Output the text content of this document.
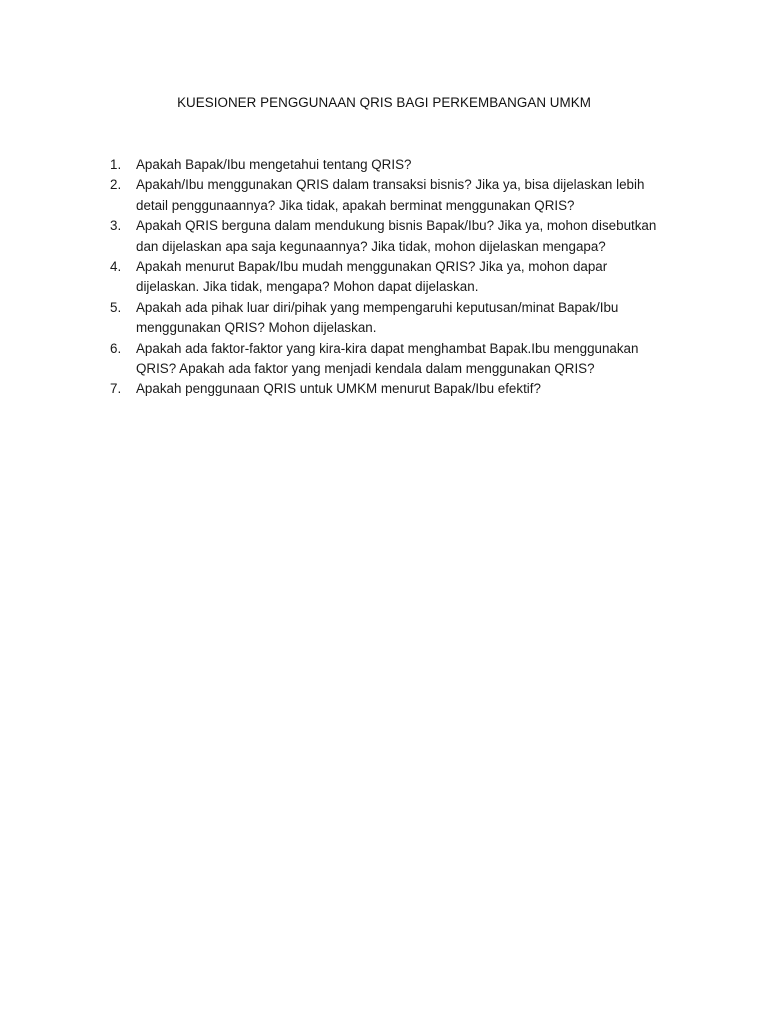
KUESIONER PENGGUNAAN QRIS BAGI PERKEMBANGAN UMKM
1.	Apakah Bapak/Ibu mengetahui tentang QRIS?
2.	Apakah/Ibu menggunakan QRIS dalam transaksi bisnis? Jika ya, bisa dijelaskan lebih
detail penggunaannya? Jika tidak, apakah berminat menggunakan QRIS?
3.	Apakah QRIS berguna dalam mendukung bisnis Bapak/Ibu? Jika ya, mohon disebutkan
dan dijelaskan apa saja kegunaannya? Jika tidak, mohon dijelaskan mengapa?
4.	Apakah menurut Bapak/Ibu mudah menggunakan QRIS? Jika ya, mohon dapar
dijelaskan. Jika tidak, mengapa? Mohon dapat dijelaskan.
5.	Apakah ada pihak luar diri/pihak yang mempengaruhi keputusan/minat Bapak/Ibu
menggunakan QRIS? Mohon dijelaskan.
6.	Apakah ada faktor-faktor yang kira-kira dapat menghambat Bapak.Ibu menggunakan
QRIS? Apakah ada faktor yang menjadi kendala dalam menggunakan QRIS?
7.	Apakah penggunaan QRIS untuk UMKM menurut Bapak/Ibu efektif?
